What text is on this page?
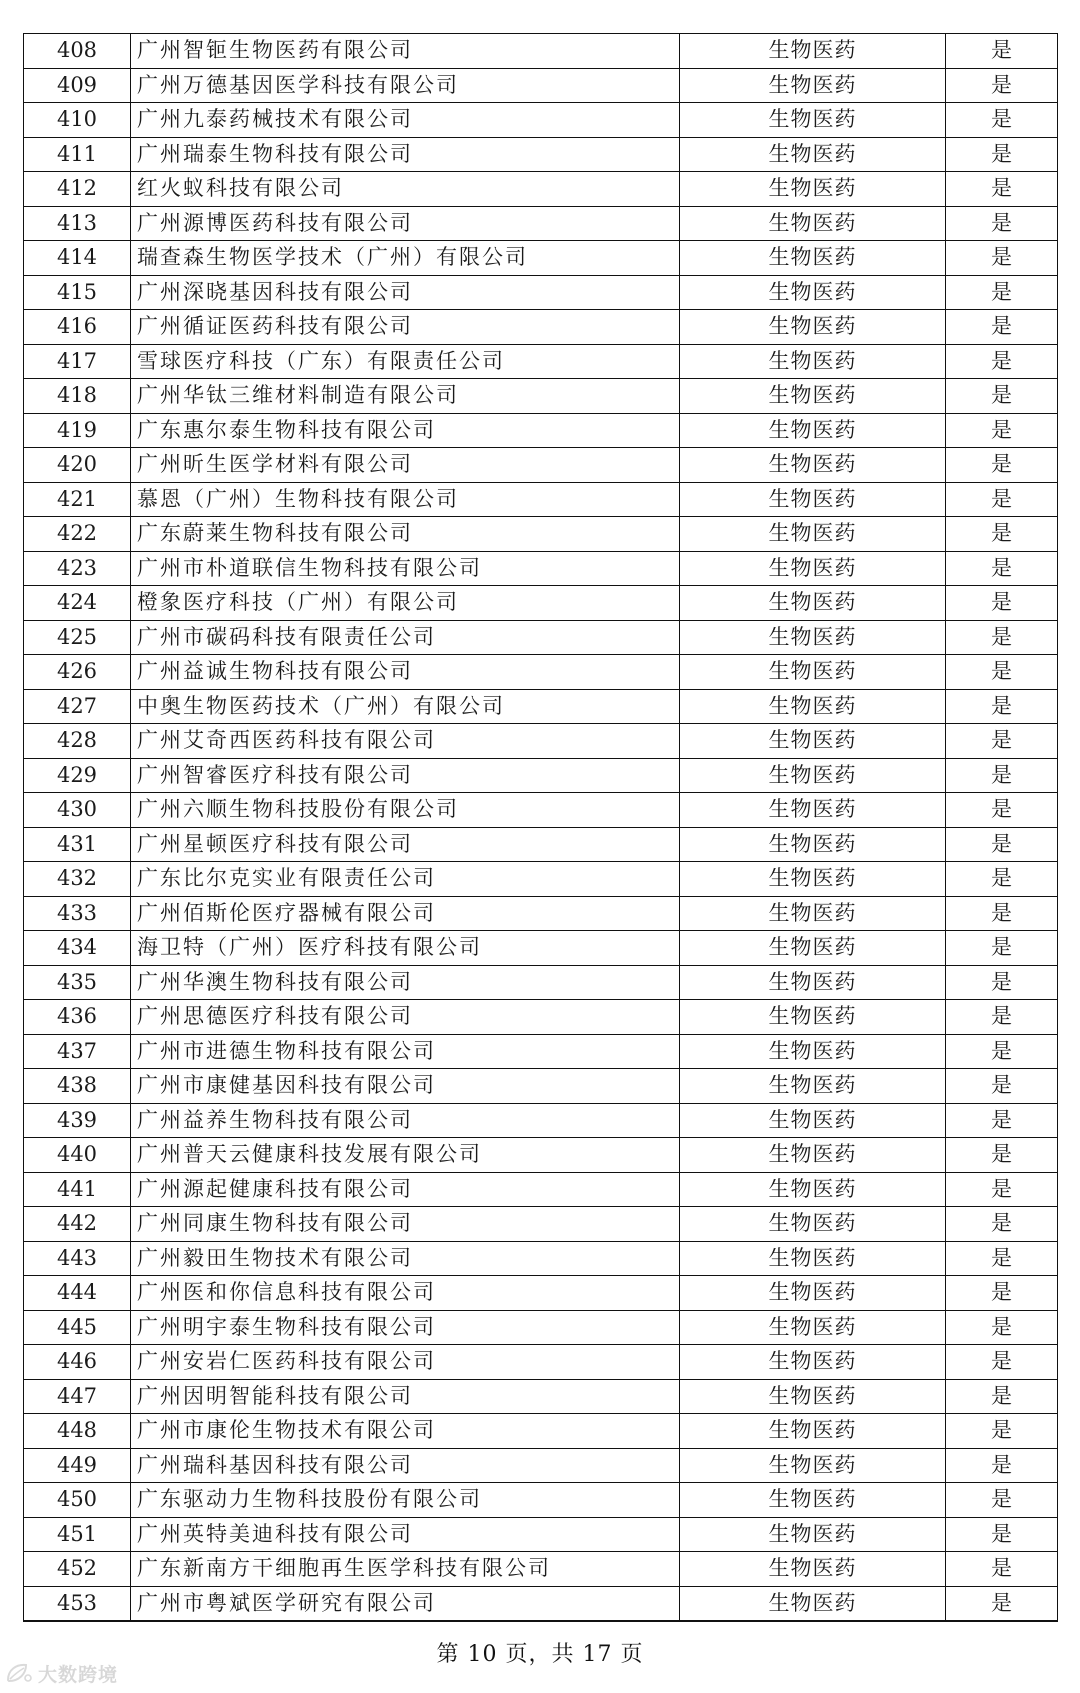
408	广州智钷生物医药有限公司	生物医药	是
409	广州万德基因医学科技有限公司	生物医药	是
410	广州九泰药械技术有限公司	生物医药	是
411	广州瑞泰生物科技有限公司	生物医药	是
412	红火蚁科技有限公司	生物医药	是
413	广州源博医药科技有限公司	生物医药	是
414	瑞查森生物医学技术（广州）有限公司	生物医药	是
415	广州深晓基因科技有限公司	生物医药	是
416	广州循证医药科技有限公司	生物医药	是
417	雪球医疗科技（广东）有限责任公司	生物医药	是
418	广州华钛三维材料制造有限公司	生物医药	是
419	广东惠尔泰生物科技有限公司	生物医药	是
420	广州昕生医学材料有限公司	生物医药	是
421	慕恩（广州）生物科技有限公司	生物医药	是
422	广东蔚莱生物科技有限公司	生物医药	是
423	广州市朴道联信生物科技有限公司	生物医药	是
424	橙象医疗科技（广州）有限公司	生物医药	是
425	广州市碳码科技有限责任公司	生物医药	是
426	广州益诚生物科技有限公司	生物医药	是
427	中奥生物医药技术（广州）有限公司	生物医药	是
428	广州艾奇西医药科技有限公司	生物医药	是
429	广州智睿医疗科技有限公司	生物医药	是
430	广州六顺生物科技股份有限公司	生物医药	是
431	广州星顿医疗科技有限公司	生物医药	是
432	广东比尔克实业有限责任公司	生物医药	是
433	广州佰斯伦医疗器械有限公司	生物医药	是
434	海卫特（广州）医疗科技有限公司	生物医药	是
435	广州华澳生物科技有限公司	生物医药	是
436	广州思德医疗科技有限公司	生物医药	是
437	广州市进德生物科技有限公司	生物医药	是
438	广州市康健基因科技有限公司	生物医药	是
439	广州益养生物科技有限公司	生物医药	是
440	广州普天云健康科技发展有限公司	生物医药	是
441	广州源起健康科技有限公司	生物医药	是
442	广州同康生物科技有限公司	生物医药	是
443	广州毅田生物技术有限公司	生物医药	是
444	广州医和你信息科技有限公司	生物医药	是
445	广州明宇泰生物科技有限公司	生物医药	是
446	广州安岩仁医药科技有限公司	生物医药	是
447	广州因明智能科技有限公司	生物医药	是
448	广州市康伦生物技术有限公司	生物医药	是
449	广州瑞科基因科技有限公司	生物医药	是
450	广东驱动力生物科技股份有限公司	生物医药	是
451	广州英特美迪科技有限公司	生物医药	是
452	广东新南方干细胞再生医学科技有限公司	生物医药	是
453	广州市粤斌医学研究有限公司	生物医药	是
第 10 页，共 17 页
大数跨境
